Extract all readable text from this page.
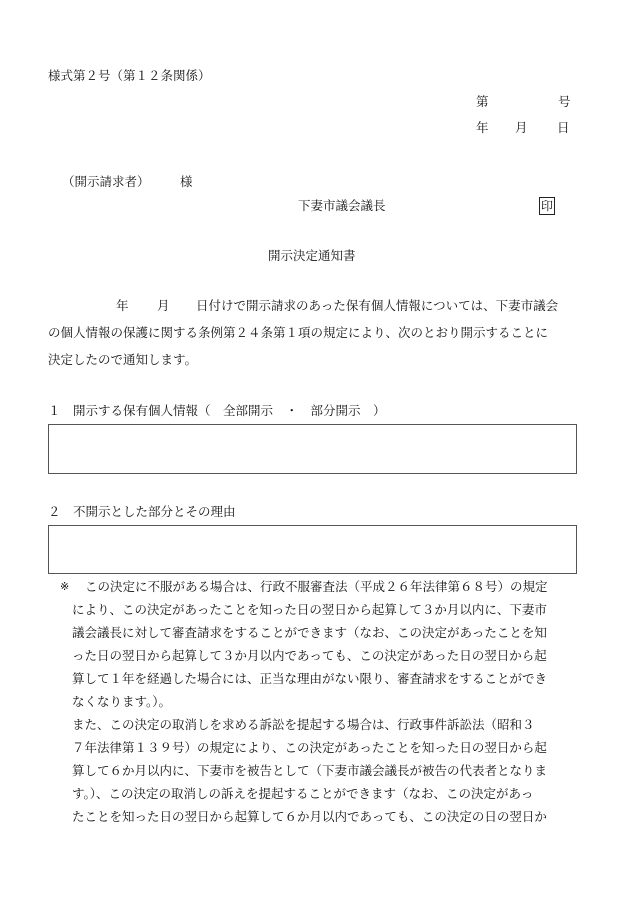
様式第２号（第１２条関係）
第	号
年 月 日
（開示請求者） 様
下妻市議会議長	印
開示決定通知書
年 月 日付けで開示請求のあった保有個人情報については、下妻市議会
の個人情報の保護に関する条例第２４条第１項の規定により、次のとおり開示することに
決定したので通知します。
１　開示する保有個人情報（　全部開示　・　部分開示　）
２　不開示とした部分とその理由
※ この決定に不服がある場合は、行政不服審査法（平成２６年法律第６８号）の規定
により、この決定があったことを知った日の翌日から起算して３か月以内に、下妻市
議会議長に対して審査請求をすることができます（なお、この決定があったことを知
った日の翌日から起算して３か月以内であっても、この決定があった日の翌日から起
算して１年を経過した場合には、正当な理由がない限り、審査請求をすることができ
なくなります。）。
また、この決定の取消しを求める訴訟を提起する場合は、行政事件訴訟法（昭和３
７年法律第１３９号）の規定により、この決定があったことを知った日の翌日から起
算して６か月以内に、下妻市を被告として（下妻市議会議長が被告の代表者となりま
す。）、この決定の取消しの訴えを提起することができます（なお、この決定があっ
たことを知った日の翌日から起算して６か月以内であっても、この決定の日の翌日か
